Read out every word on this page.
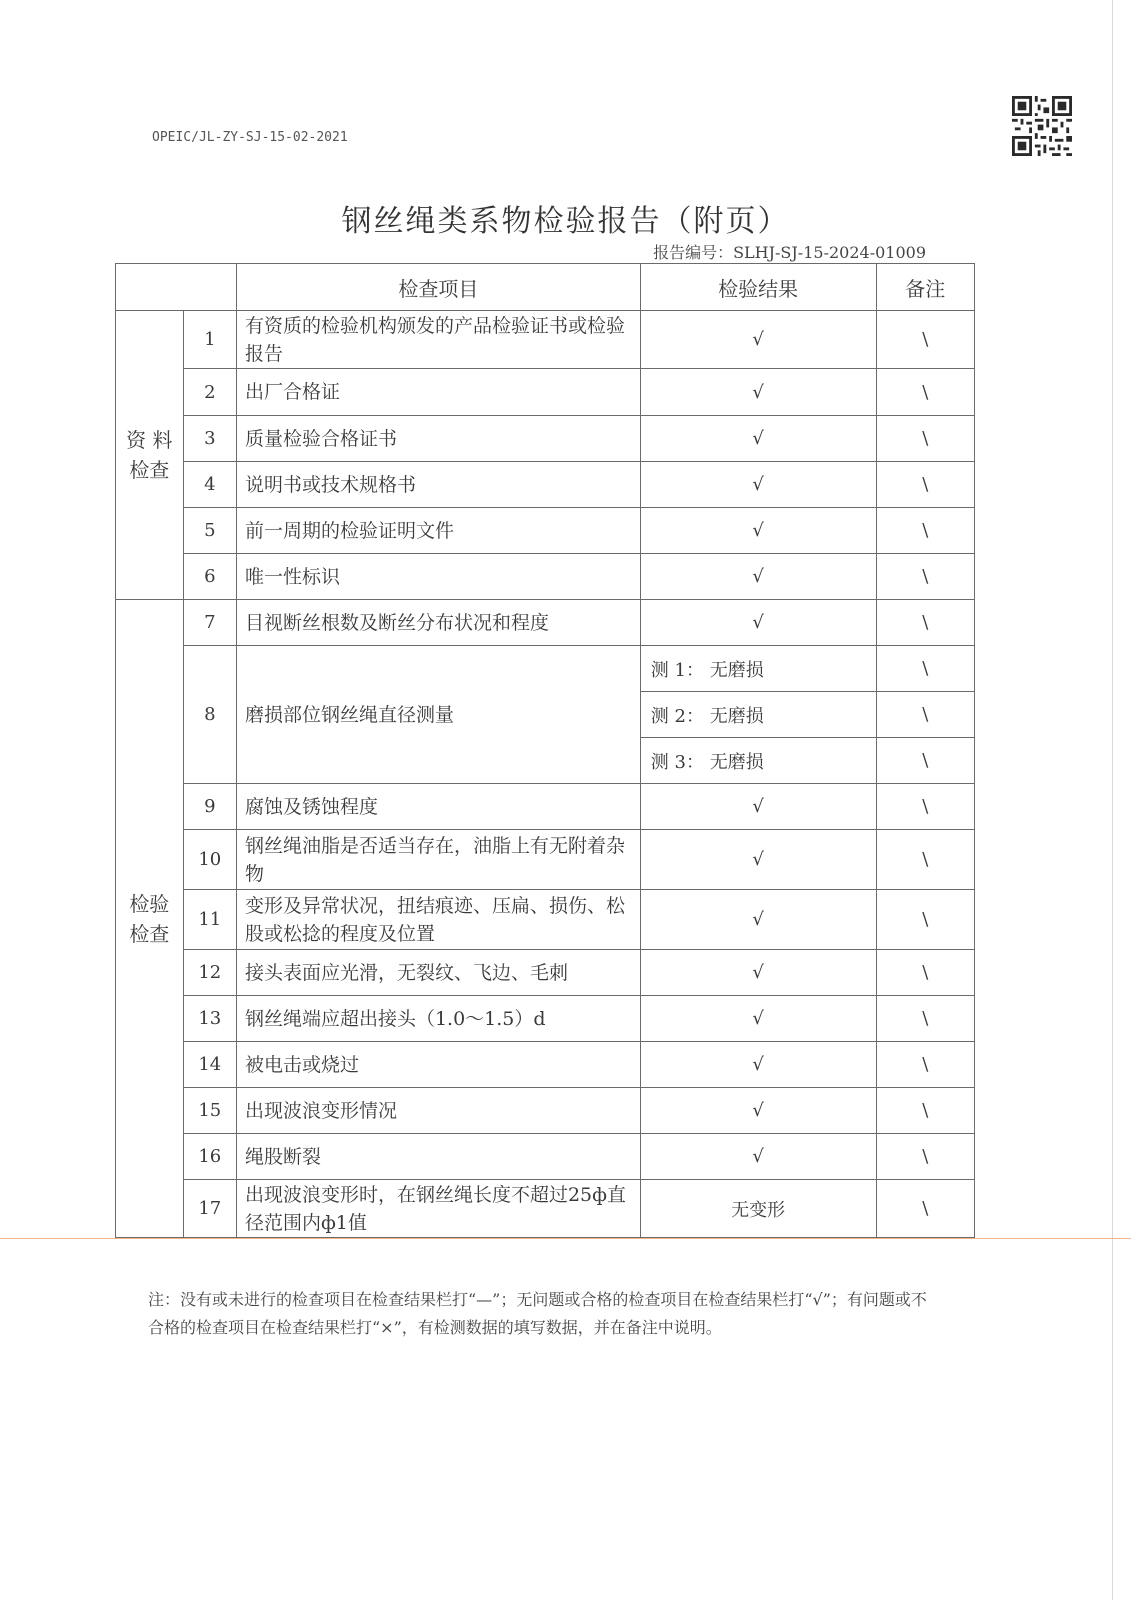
OPEIC/JL-ZY-SJ-15-02-2021
钢丝绳类系物检验报告（附页）
报告编号：SLHJ-SJ-15-2024-01009
		检查项目	检验结果	备注

资 料
检查	1	有资质的检验机构颁发的产品检验证书或检验报告	√	\
	2	出厂合格证	√	\
	3	质量检验合格证书	√	\
	4	说明书或技术规格书	√	\
	5	前一周期的检验证明文件	√	\
	6	唯一性标识	√	\

检验
检查	7	目视断丝根数及断丝分布状况和程度	√	\
	8	磨损部位钢丝绳直径测量	测 1： 无磨损	\
			测 2： 无磨损	\
			测 3： 无磨损	\
	9	腐蚀及锈蚀程度	√	\
	10	钢丝绳油脂是否适当存在，油脂上有无附着杂物	√	\
	11	变形及异常状况，扭结痕迹、压扁、损伤、松股或松捻的程度及位置	√	\
	12	接头表面应光滑，无裂纹、飞边、毛刺	√	\
	13	钢丝绳端应超出接头（1.0～1.5）d	√	\
	14	被电击或烧过	√	\
	15	出现波浪变形情况	√	\
	16	绳股断裂	√	\
	17	出现波浪变形时，在钢丝绳长度不超过25ф直径范围内ф1值	无变形	\
注：没有或未进行的检查项目在检查结果栏打“—”；无问题或合格的检查项目在检查结果栏打“√”；有问题或不合格的检查项目在检查结果栏打“×”，有检测数据的填写数据，并在备注中说明。
